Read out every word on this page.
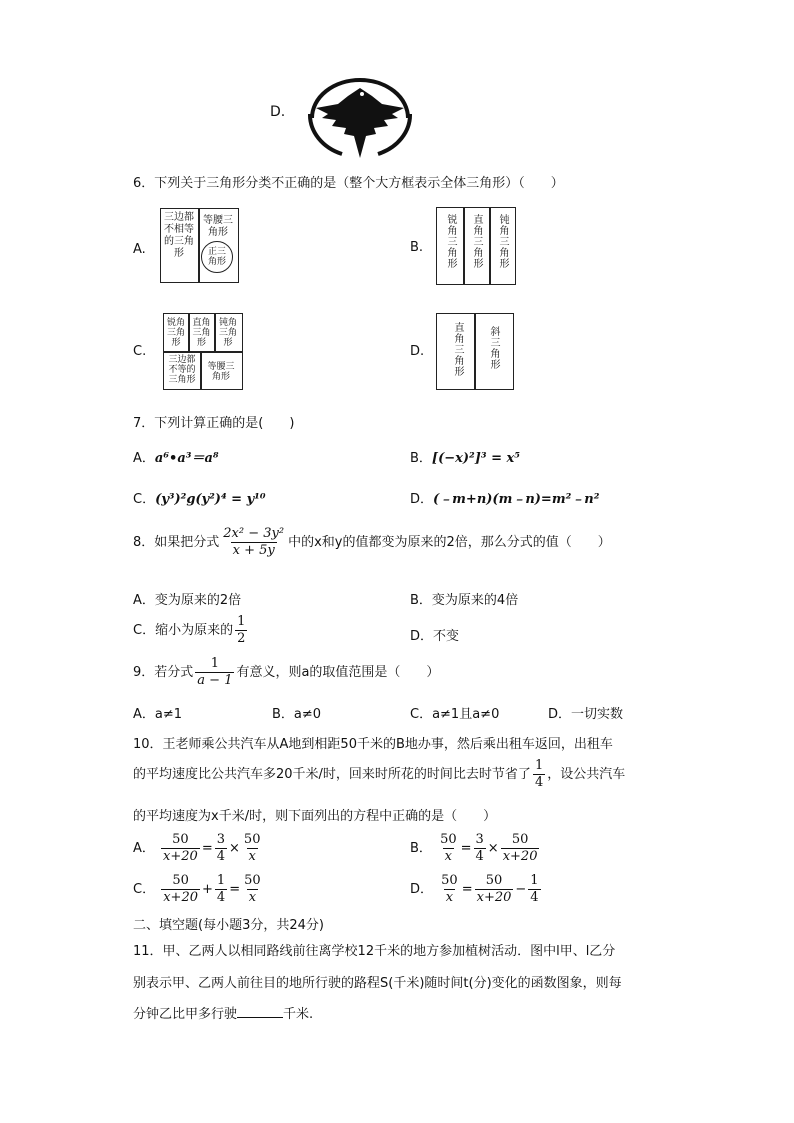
D.
6．下列关于三角形分类不正确的是（整个大方框表示全体三角形）（　　）
A.
三边都不相等的三角形
等腰三角形
正三角形
B. 锐角三角形 直角三角形 钝角三角形
C.
锐角三角形
直角三角形
钝角三角形
三边都不等的三角形
等腰三角形
D.	直角三角形	斜三角形
7．下列计算正确的是(　　)
A．a⁶•a³＝a⁸	B．[(−x)²]³ = x⁵
C．(y³)²g(y²)⁴ = y¹⁰	D．(﹣m+n)(m﹣n)=m²﹣n²
8．如果把分式 $\frac{\text{2x² − 3y²}}{x + 5y}$ 中的x和y的值都变为原来的2倍，那么分式的值（　　）
A．变为原来的2倍	B．变为原来的4倍
C．缩小为原来的 $\frac{1}{2}$	D．不变
9．若分式 $\frac{1}{a - 1}$ 有意义，则a的取值范围是（　　）
A．a≠1	B．a≠0	C．a≠1且a≠0	D．一切实数
10．王老师乘公共汽车从A地到相距50千米的B地办事，然后乘出租车返回，出租车
的平均速度比公共汽车多20千米/时，回来时所花的时间比去时节省了 $\frac{1}{4}$ ，设公共汽车
的平均速度为x千米/时，则下面列出的方程中正确的是（　　）
A． $\frac{50}{x+20} = \frac{3}{4} \times \frac{50}{x}$	B． $\frac{50}{x} = \frac{3}{4} \times \frac{50}{x+20}$
C． $\frac{50}{x+20} + \frac{1}{4} = \frac{50}{x}$	D． $\frac{50}{x} = \frac{50}{x+20} - \frac{1}{4}$
二、填空题(每小题3分，共24分)
11．甲、乙两人以相同路线前往离学校12千米的地方参加植树活动．图中l甲、l乙分
别表示甲、乙两人前往目的地所行驶的路程S(千米)随时间t(分)变化的函数图象，则每
分钟乙比甲多行驶	千米.
